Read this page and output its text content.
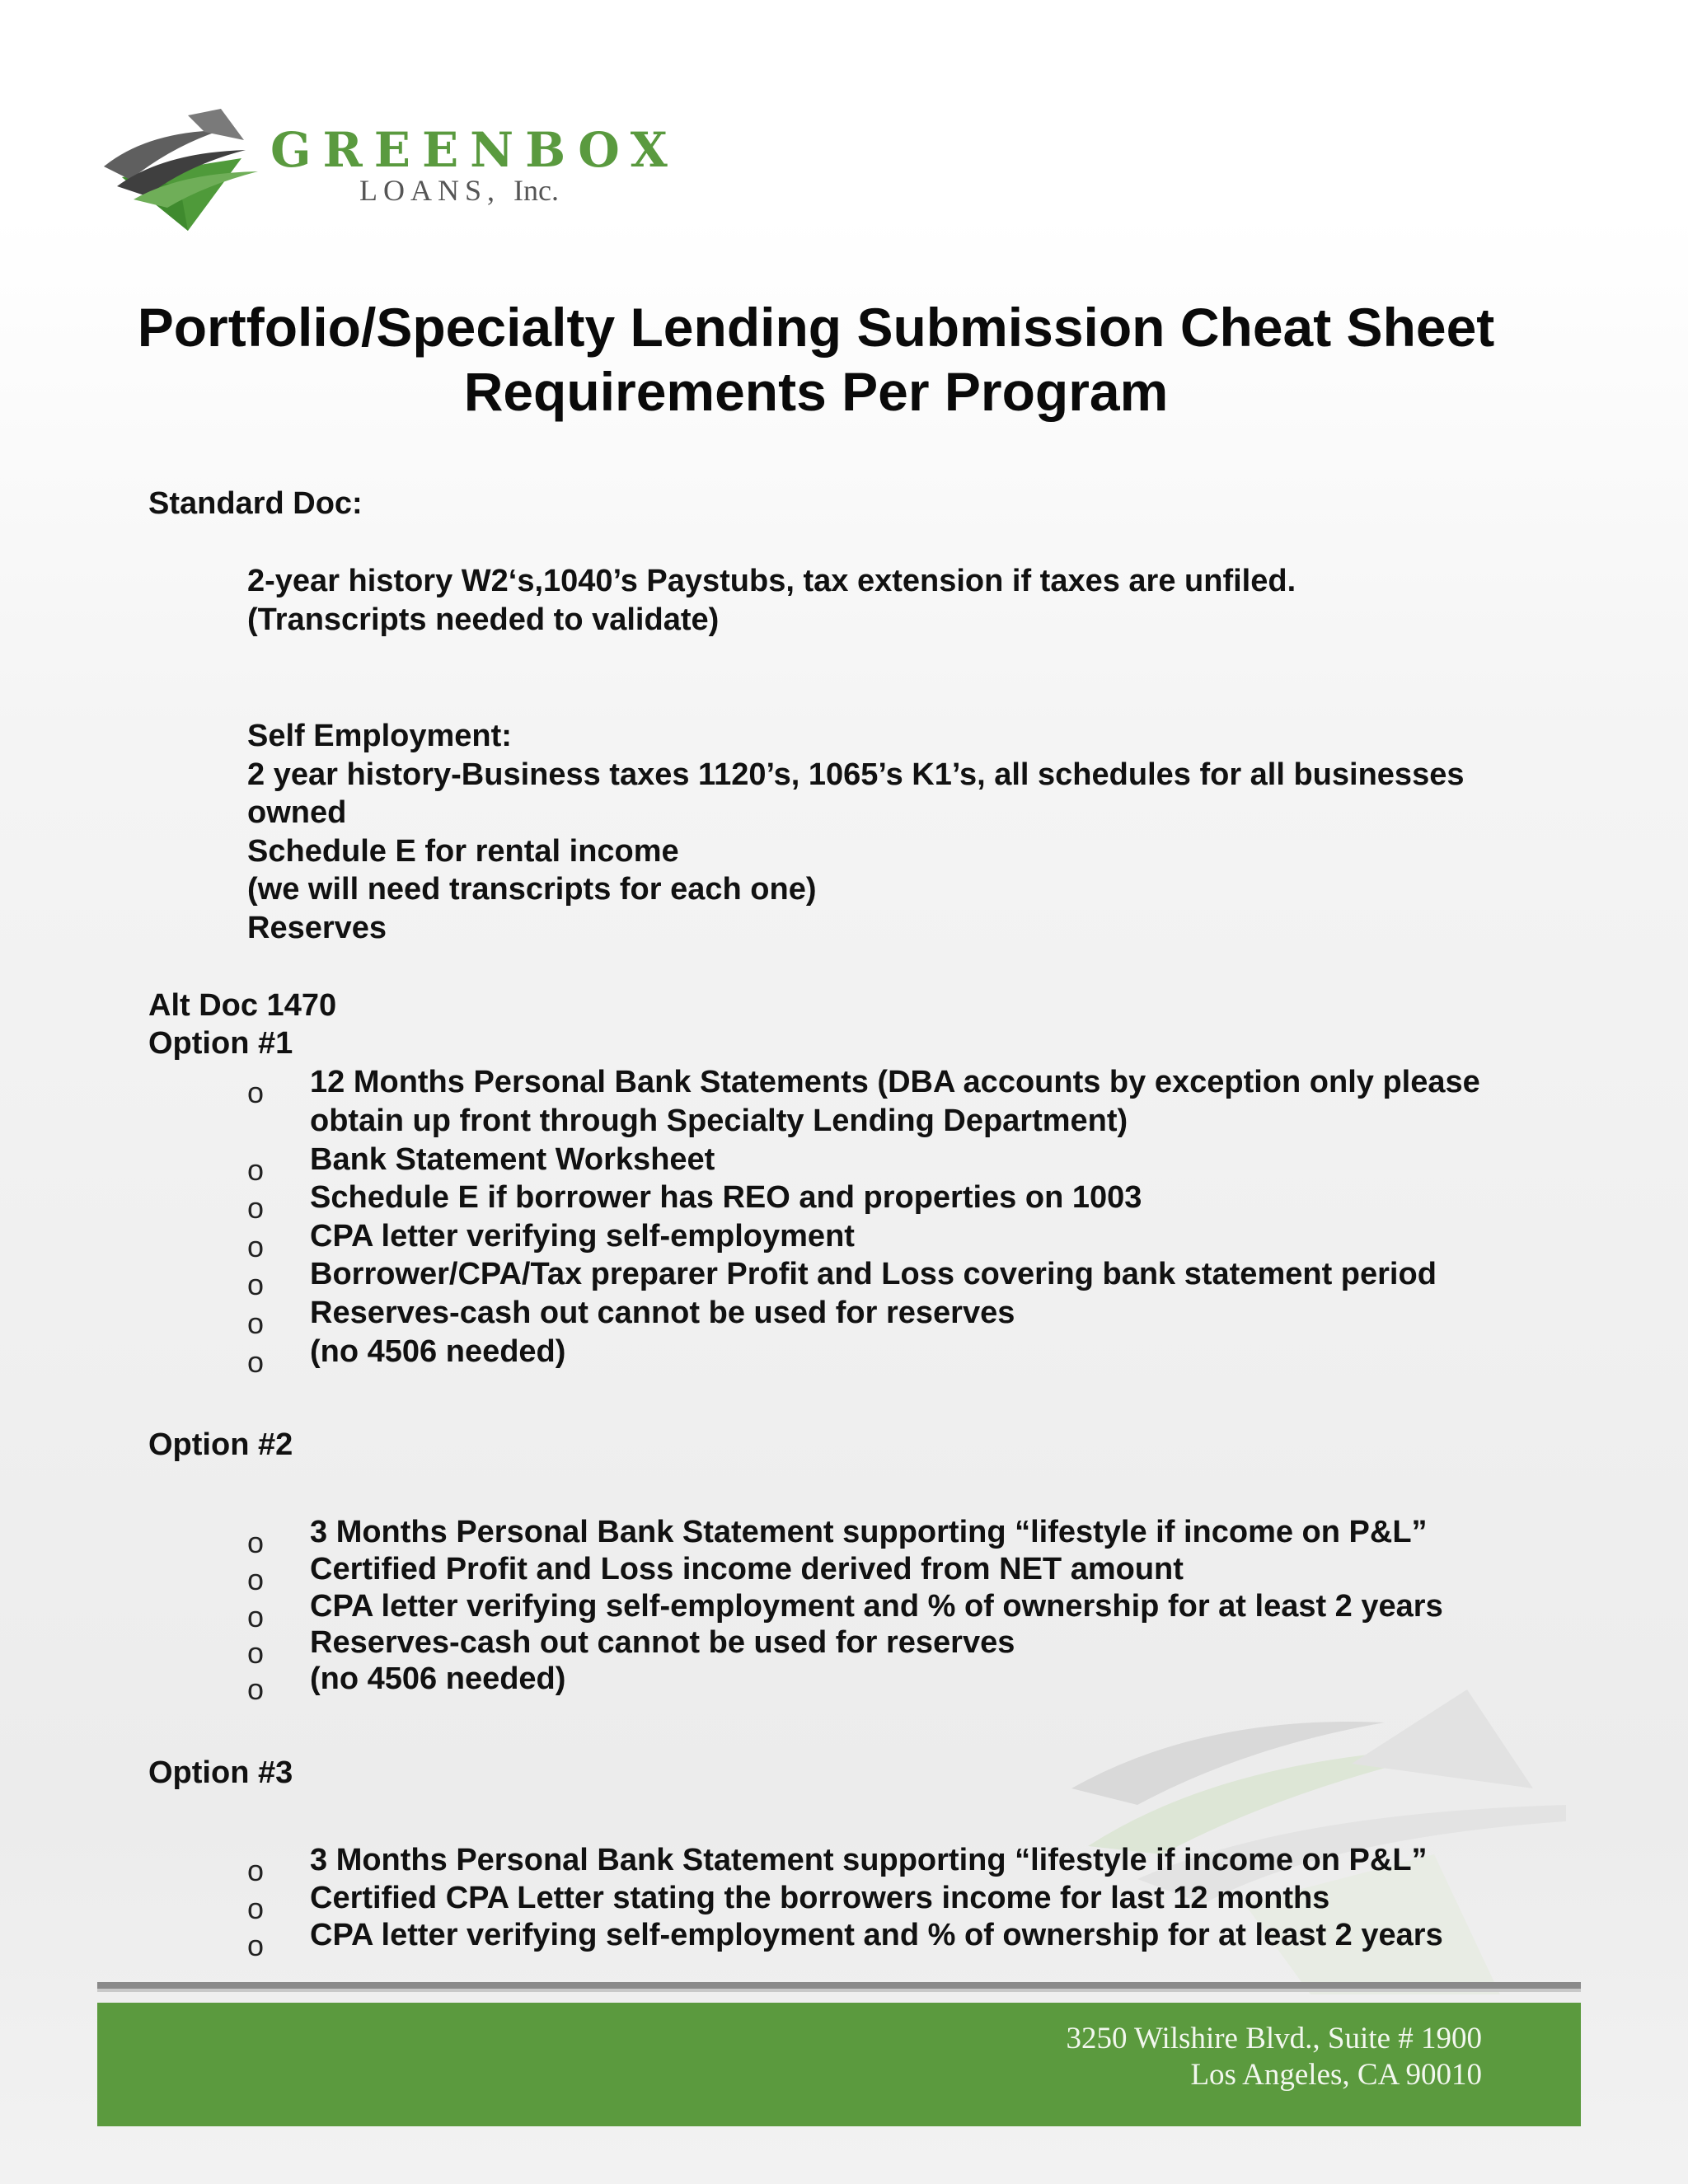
GREENBOX
LOANS, Inc.
Portfolio/Specialty Lending Submission Cheat Sheet
Requirements Per Program
Standard Doc:
2-year history W2‘s,1040’s Paystubs, tax extension if taxes are unfiled.
(Transcripts needed to validate)
Self Employment:
2 year history-Business taxes 1120’s, 1065’s K1’s, all schedules for all businesses
owned
Schedule E for rental income
(we will need transcripts for each one)
Reserves
Alt Doc 1470
Option #1
o 12 Months Personal Bank Statements (DBA accounts by exception only please
obtain up front through Specialty Lending Department)
o Bank Statement Worksheet
o Schedule E if borrower has REO and properties on 1003
o CPA letter verifying self-employment
o Borrower/CPA/Tax preparer Profit and Loss covering bank statement period
o Reserves-cash out cannot be used for reserves
o (no 4506 needed)
Option #2
o 3 Months Personal Bank Statement supporting “lifestyle if income on P&L”
o Certified Profit and Loss income derived from NET amount
o CPA letter verifying self-employment and % of ownership for at least 2 years
o Reserves-cash out cannot be used for reserves
o (no 4506 needed)
Option #3
o 3 Months Personal Bank Statement supporting “lifestyle if income on P&L”
o Certified CPA Letter stating the borrowers income for last 12 months
o CPA letter verifying self-employment and % of ownership for at least 2 years
3250 Wilshire Blvd., Suite # 1900
Los Angeles, CA 90010
